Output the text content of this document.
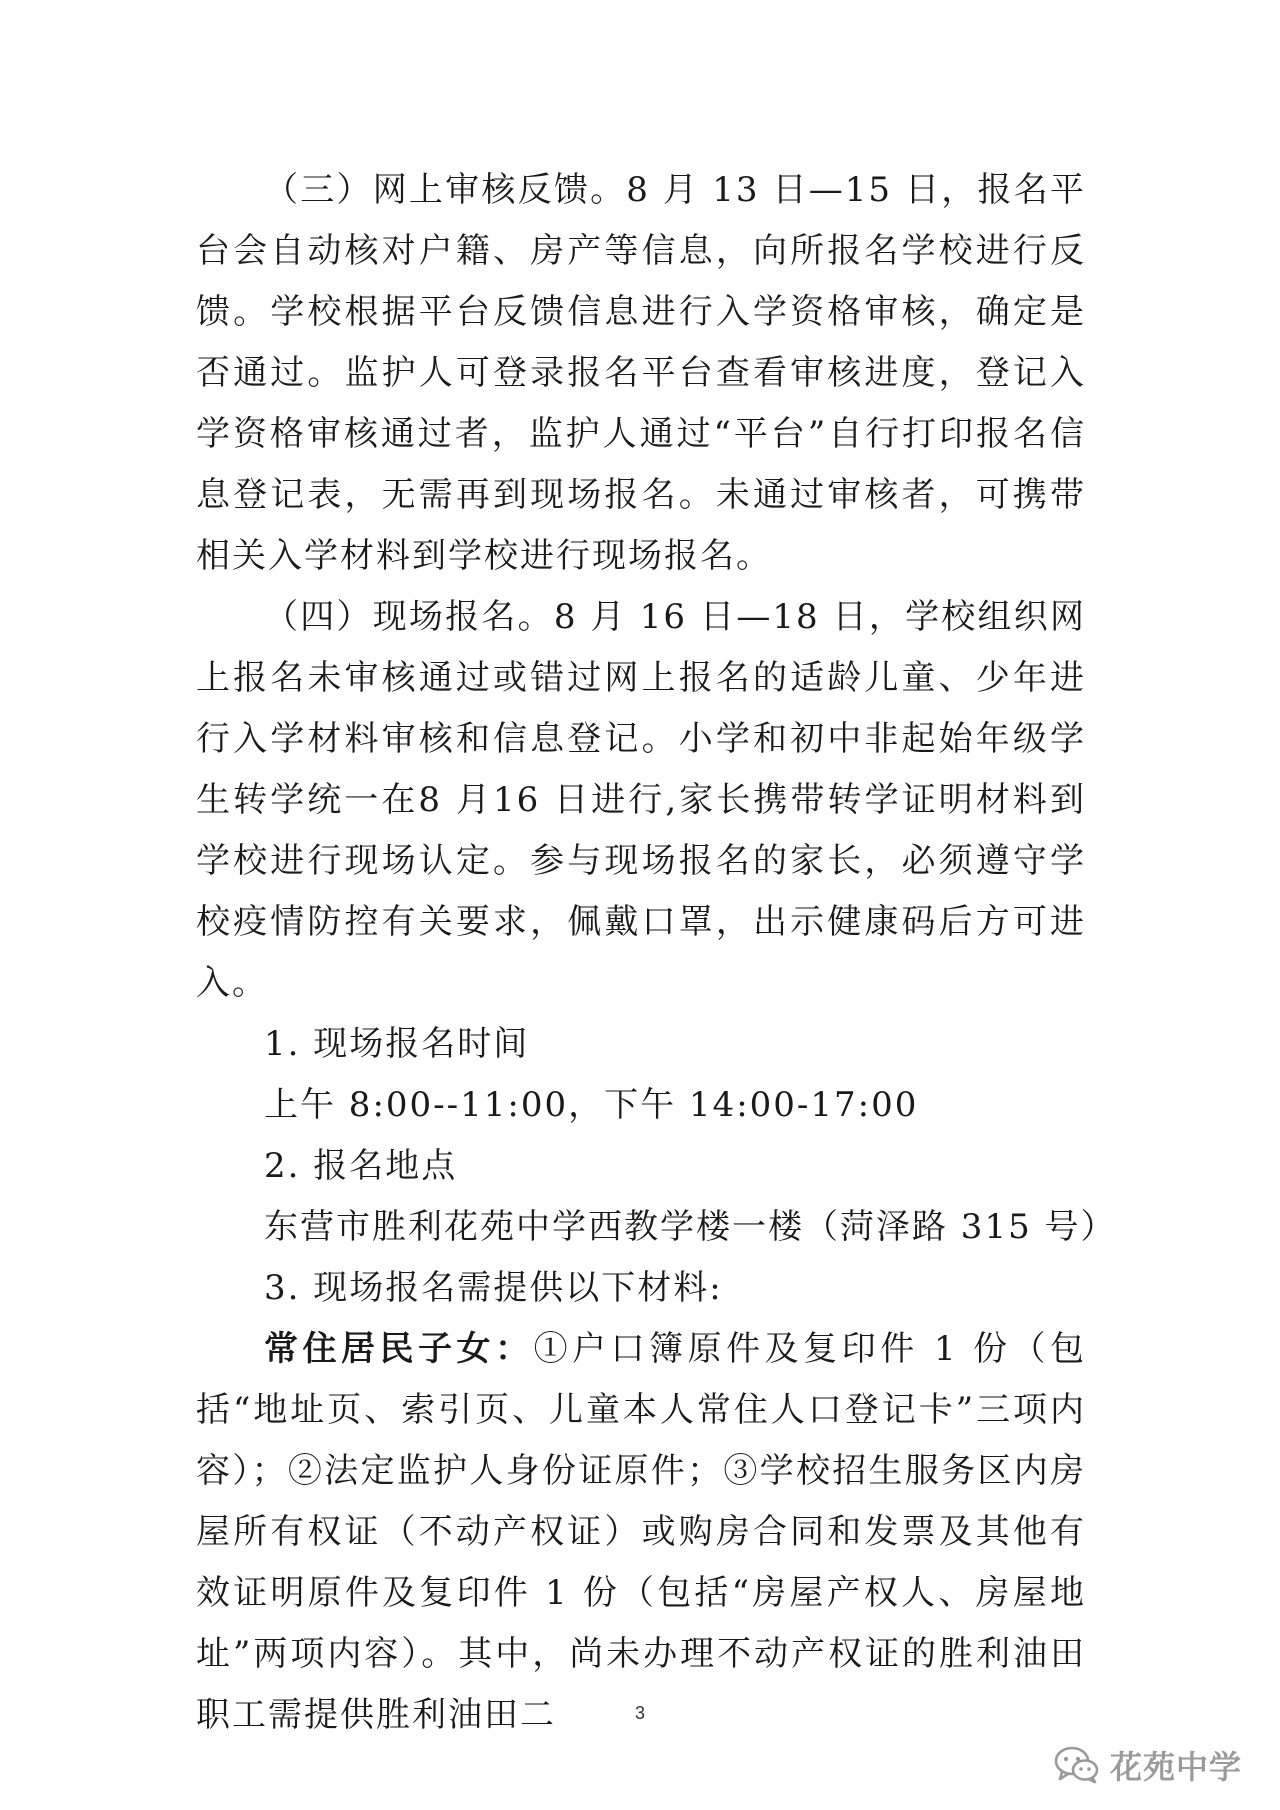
（三）网上审核反馈。8 月 13 日—15 日，报名平台会自动核对户籍、房产等信息，向所报名学校进行反馈。学校根据平台反馈信息进行入学资格审核，确定是否通过。监护人可登录报名平台查看审核进度，登记入学资格审核通过者，监护人通过“平台”自行打印报名信息登记表，无需再到现场报名。未通过审核者，可携带相关入学材料到学校进行现场报名。

（四）现场报名。8 月 16 日—18 日，学校组织网上报名未审核通过或错过网上报名的适龄儿童、少年进行入学材料审核和信息登记。小学和初中非起始年级学生转学统一在8 月16 日进行,家长携带转学证明材料到学校进行现场认定。参与现场报名的家长，必须遵守学校疫情防控有关要求，佩戴口罩，出示健康码后方可进入。

1. 现场报名时间

上午 8:00--11:00，下午 14:00-17:00

2. 报名地点

东营市胜利花苑中学西教学楼一楼（菏泽路 315 号）

3. 现场报名需提供以下材料:

常住居民子女：①户口簿原件及复印件 1 份（包括“地址页、索引页、儿童本人常住人口登记卡”三项内容）；②法定监护人身份证原件；③学校招生服务区内房屋所有权证（不动产权证）或购房合同和发票及其他有效证明原件及复印件 1 份（包括“房屋产权人、房屋地址”两项内容）。其中，尚未办理不动产权证的胜利油田职工需提供胜利油田二	3
花苑中学
